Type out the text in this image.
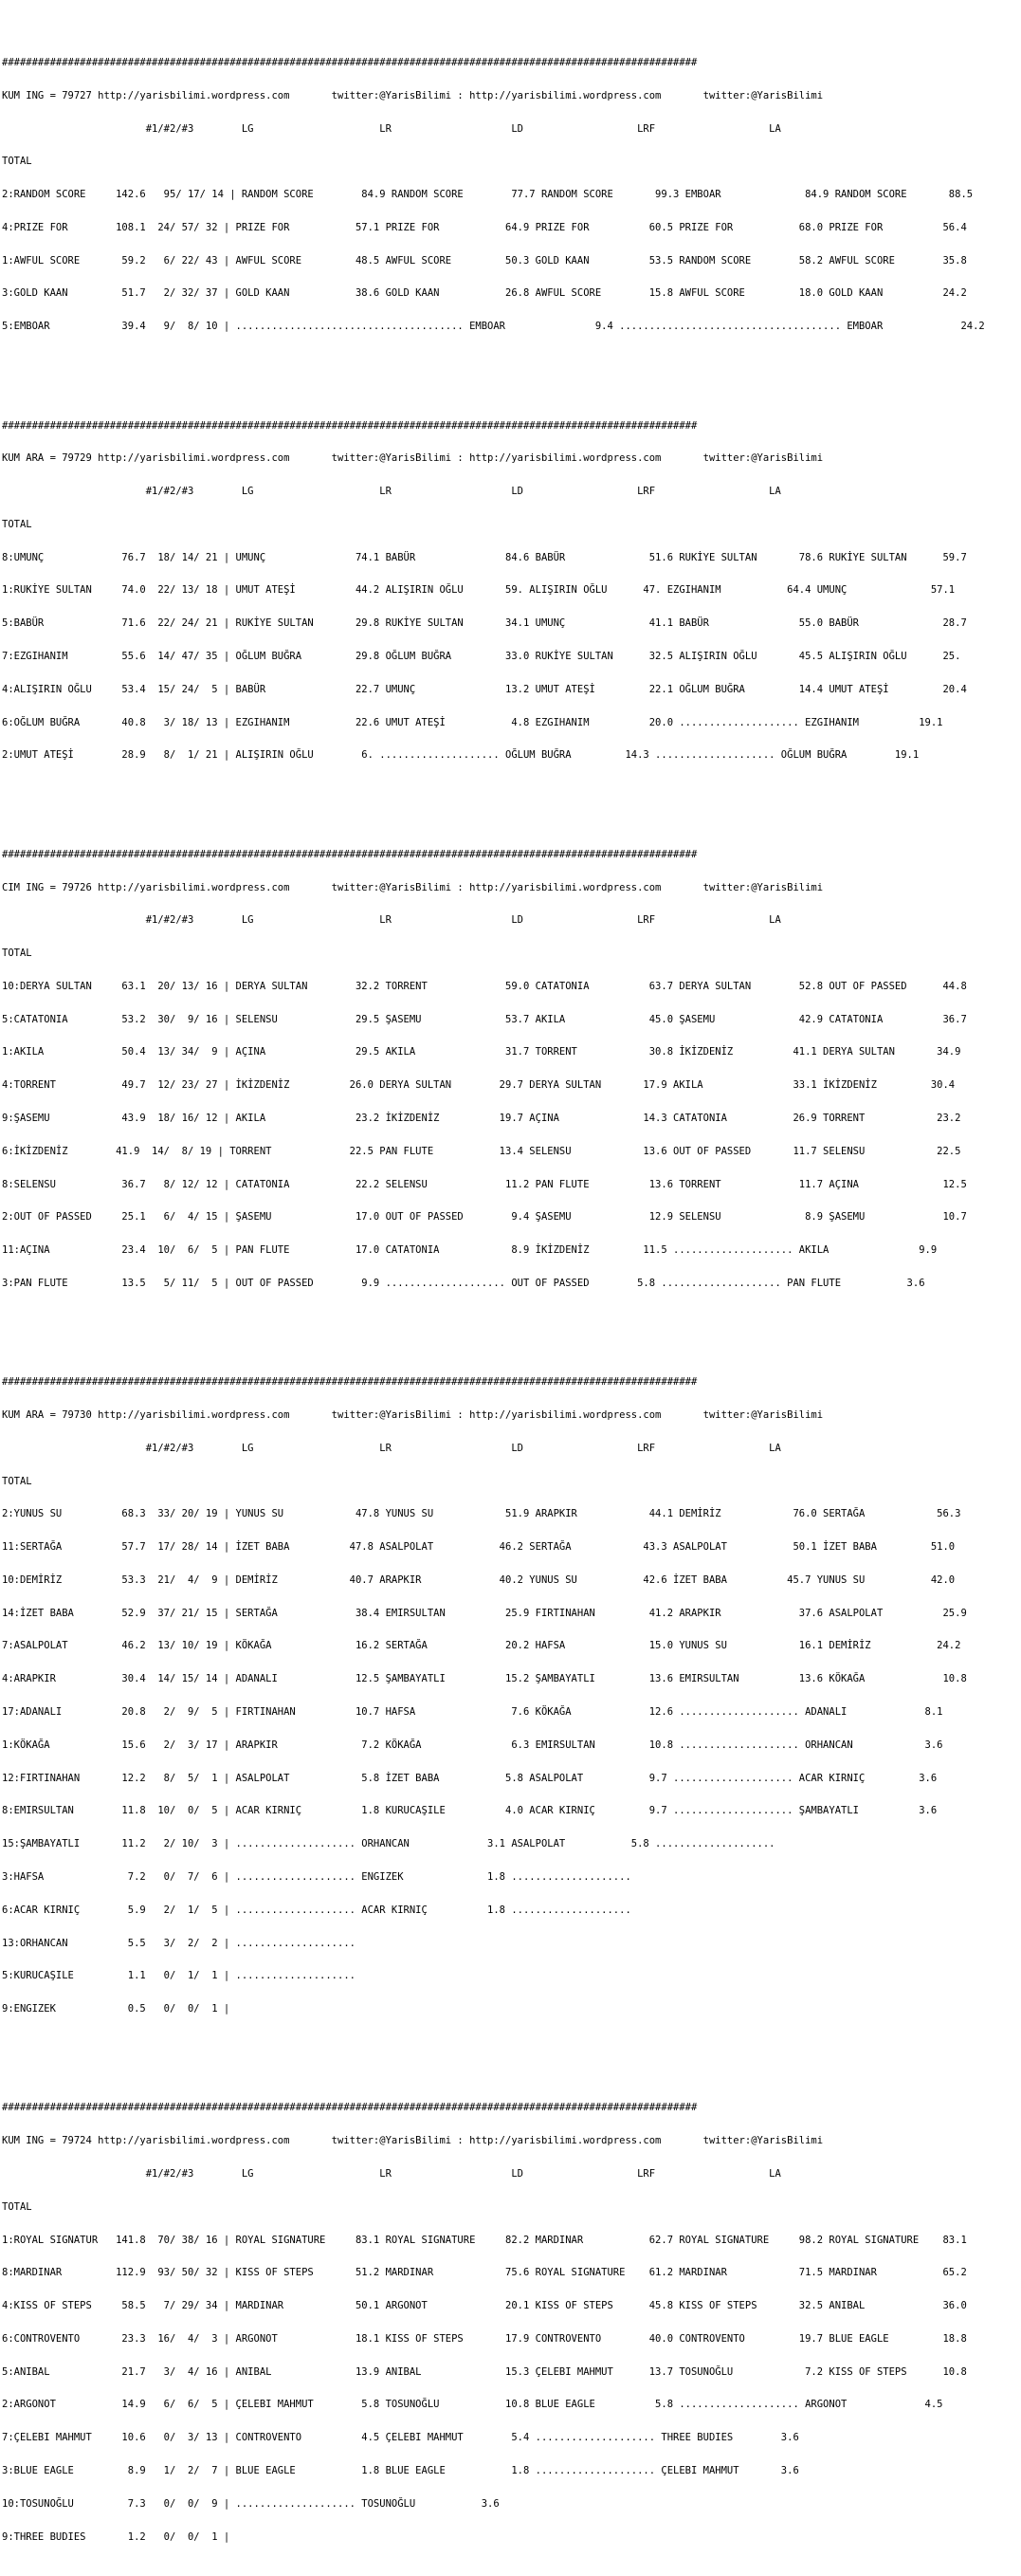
####################################################################################################################

KUM ING = 79727 http://yarisbilimi.wordpress.com       twitter:@YarisBilimi : http://yarisbilimi.wordpress.com       twitter:@YarisBilimi

#1/#2/#3        LG                     LR                    LD                   LRF                   LA

TOTAL

2:RANDOM SCORE     142.6   95/ 17/ 14 | RANDOM SCORE        84.9 RANDOM SCORE        77.7 RANDOM SCORE       99.3 EMBOAR              84.9 RANDOM SCORE       88.5

4:PRIZE FOR        108.1  24/ 57/ 32 | PRIZE FOR           57.1 PRIZE FOR           64.9 PRIZE FOR          60.5 PRIZE FOR           68.0 PRIZE FOR          56.4

1:AWFUL SCORE       59.2   6/ 22/ 43 | AWFUL SCORE         48.5 AWFUL SCORE         50.3 GOLD KAAN          53.5 RANDOM SCORE        58.2 AWFUL SCORE        35.8

3:GOLD KAAN         51.7   2/ 32/ 37 | GOLD KAAN           38.6 GOLD KAAN           26.8 AWFUL SCORE        15.8 AWFUL SCORE         18.0 GOLD KAAN          24.2

5:EMBOAR            39.4   9/  8/ 10 | ...................................... EMBOAR               9.4 ..................................... EMBOAR             24.2

####################################################################################################################

KUM ARA = 79729 http://yarisbilimi.wordpress.com       twitter:@YarisBilimi : http://yarisbilimi.wordpress.com       twitter:@YarisBilimi

#1/#2/#3        LG                     LR                    LD                   LRF                   LA

TOTAL

8:UMUNÇ             76.7  18/ 14/ 21 | UMUNÇ               74.1 BABÜR               84.6 BABÜR              51.6 RUKİYE SULTAN       78.6 RUKİYE SULTAN      59.7

1:RUKİYE SULTAN     74.0  22/ 13/ 18 | UMUT ATEŞİ          44.2 ALIŞIRIN OĞLU       59. ALIŞIRIN OĞLU      47. EZGIHANIM           64.4 UMUNÇ              57.1

5:BABÜR             71.6  22/ 24/ 21 | RUKİYE SULTAN       29.8 RUKİYE SULTAN       34.1 UMUNÇ              41.1 BABÜR               55.0 BABÜR              28.7

7:EZGIHANIM         55.6  14/ 47/ 35 | OĞLUM BUĞRA         29.8 OĞLUM BUĞRA         33.0 RUKİYE SULTAN      32.5 ALIŞIRIN OĞLU       45.5 ALIŞIRIN OĞLU      25.

4:ALIŞIRIN OĞLU     53.4  15/ 24/  5 | BABÜR               22.7 UMUNÇ               13.2 UMUT ATEŞİ         22.1 OĞLUM BUĞRA         14.4 UMUT ATEŞİ         20.4

6:OĞLUM BUĞRA       40.8   3/ 18/ 13 | EZGIHANIM           22.6 UMUT ATEŞİ           4.8 EZGIHANIM          20.0 .................... EZGIHANIM          19.1

2:UMUT ATEŞİ        28.9   8/  1/ 21 | ALIŞIRIN OĞLU        6. .................... OĞLUM BUĞRA         14.3 .................... OĞLUM BUĞRA        19.1

####################################################################################################################

CIM ING = 79726 http://yarisbilimi.wordpress.com       twitter:@YarisBilimi : http://yarisbilimi.wordpress.com       twitter:@YarisBilimi

#1/#2/#3        LG                     LR                    LD                   LRF                   LA

TOTAL

10:DERYA SULTAN     63.1  20/ 13/ 16 | DERYA SULTAN        32.2 TORRENT             59.0 CATATONIA          63.7 DERYA SULTAN        52.8 OUT OF PASSED      44.8

5:CATATONIA         53.2  30/  9/ 16 | SELENSU             29.5 ŞASEMU              53.7 AKILA              45.0 ŞASEMU              42.9 CATATONIA          36.7

1:AKILA             50.4  13/ 34/  9 | AÇINA               29.5 AKILA               31.7 TORRENT            30.8 İKİZDENİZ          41.1 DERYA SULTAN       34.9

4:TORRENT           49.7  12/ 23/ 27 | İKİZDENİZ          26.0 DERYA SULTAN        29.7 DERYA SULTAN       17.9 AKILA               33.1 İKİZDENİZ         30.4

9:ŞASEMU            43.9  18/ 16/ 12 | AKILA               23.2 İKİZDENİZ          19.7 AÇINA              14.3 CATATONIA           26.9 TORRENT            23.2

6:İKİZDENİZ        41.9  14/  8/ 19 | TORRENT             22.5 PAN FLUTE           13.4 SELENSU            13.6 OUT OF PASSED       11.7 SELENSU            22.5

8:SELENSU           36.7   8/ 12/ 12 | CATATONIA           22.2 SELENSU             11.2 PAN FLUTE          13.6 TORRENT             11.7 AÇINA              12.5

2:OUT OF PASSED     25.1   6/  4/ 15 | ŞASEMU              17.0 OUT OF PASSED        9.4 ŞASEMU             12.9 SELENSU              8.9 ŞASEMU             10.7

11:AÇINA            23.4  10/  6/  5 | PAN FLUTE           17.0 CATATONIA            8.9 İKİZDENİZ         11.5 .................... AKILA               9.9

3:PAN FLUTE         13.5   5/ 11/  5 | OUT OF PASSED        9.9 .................... OUT OF PASSED        5.8 .................... PAN FLUTE           3.6

####################################################################################################################

KUM ARA = 79730 http://yarisbilimi.wordpress.com       twitter:@YarisBilimi : http://yarisbilimi.wordpress.com       twitter:@YarisBilimi

#1/#2/#3        LG                     LR                    LD                   LRF                   LA

TOTAL

2:YUNUS SU          68.3  33/ 20/ 19 | YUNUS SU            47.8 YUNUS SU            51.9 ARAPKIR            44.1 DEMİRİZ            76.0 SERTAĞA            56.3

11:SERTAĞA          57.7  17/ 28/ 14 | İZET BABA          47.8 ASALPOLAT           46.2 SERTAĞA            43.3 ASALPOLAT           50.1 İZET BABA         51.0

10:DEMİRİZ          53.3  21/  4/  9 | DEMİRİZ            40.7 ARAPKIR             40.2 YUNUS SU           42.6 İZET BABA          45.7 YUNUS SU           42.0

14:İZET BABA        52.9  37/ 21/ 15 | SERTAĞA             38.4 EMIRSULTAN          25.9 FIRTINAHAN         41.2 ARAPKIR             37.6 ASALPOLAT          25.9

7:ASALPOLAT         46.2  13/ 10/ 19 | KÖKAĞA              16.2 SERTAĞA             20.2 HAFSA              15.0 YUNUS SU            16.1 DEMİRİZ           24.2

4:ARAPKIR           30.4  14/ 15/ 14 | ADANALI             12.5 ŞAMBAYATLI          15.2 ŞAMBAYATLI         13.6 EMIRSULTAN          13.6 KÖKAĞA             10.8

17:ADANALI          20.8   2/  9/  5 | FIRTINAHAN          10.7 HAFSA                7.6 KÖKAĞA             12.6 .................... ADANALI             8.1

1:KÖKAĞA            15.6   2/  3/ 17 | ARAPKIR              7.2 KÖKAĞA               6.3 EMIRSULTAN         10.8 .................... ORHANCAN            3.6

12:FIRTINAHAN       12.2   8/  5/  1 | ASALPOLAT            5.8 İZET BABA           5.8 ASALPOLAT           9.7 .................... ACAR KIRNIÇ         3.6

8:EMIRSULTAN        11.8  10/  0/  5 | ACAR KIRNIÇ          1.8 KURUCAŞILE          4.0 ACAR KIRNIÇ         9.7 .................... ŞAMBAYATLI          3.6

15:ŞAMBAYATLI       11.2   2/ 10/  3 | .................... ORHANCAN             3.1 ASALPOLAT           5.8 ....................

3:HAFSA              7.2   0/  7/  6 | .................... ENGIZEK              1.8 ....................

6:ACAR KIRNIÇ        5.9   2/  1/  5 | .................... ACAR KIRNIÇ          1.8 ....................

13:ORHANCAN          5.5   3/  2/  2 | ....................

5:KURUCAŞILE         1.1   0/  1/  1 | ....................

9:ENGIZEK            0.5   0/  0/  1 |

####################################################################################################################

KUM ING = 79724 http://yarisbilimi.wordpress.com       twitter:@YarisBilimi : http://yarisbilimi.wordpress.com       twitter:@YarisBilimi

#1/#2/#3        LG                     LR                    LD                   LRF                   LA

TOTAL

1:ROYAL SIGNATUR   141.8  70/ 38/ 16 | ROYAL SIGNATURE     83.1 ROYAL SIGNATURE     82.2 MARDINAR           62.7 ROYAL SIGNATURE     98.2 ROYAL SIGNATURE    83.1

8:MARDINAR         112.9  93/ 50/ 32 | KISS OF STEPS       51.2 MARDINAR            75.6 ROYAL SIGNATURE    61.2 MARDINAR            71.5 MARDINAR           65.2

4:KISS OF STEPS     58.5   7/ 29/ 34 | MARDINAR            50.1 ARGONOT             20.1 KISS OF STEPS      45.8 KISS OF STEPS       32.5 ANIBAL             36.0

6:CONTROVENTO       23.3  16/  4/  3 | ARGONOT             18.1 KISS OF STEPS       17.9 CONTROVENTO        40.0 CONTROVENTO         19.7 BLUE EAGLE         18.8

5:ANIBAL            21.7   3/  4/ 16 | ANIBAL              13.9 ANIBAL              15.3 ÇELEBI MAHMUT      13.7 TOSUNOĞLU            7.2 KISS OF STEPS      10.8

2:ARGONOT           14.9   6/  6/  5 | ÇELEBI MAHMUT        5.8 TOSUNOĞLU           10.8 BLUE EAGLE          5.8 .................... ARGONOT             4.5

7:ÇELEBI MAHMUT     10.6   0/  3/ 13 | CONTROVENTO          4.5 ÇELEBI MAHMUT        5.4 .................... THREE BUDIES        3.6

3:BLUE EAGLE         8.9   1/  2/  7 | BLUE EAGLE           1.8 BLUE EAGLE           1.8 .................... ÇELEBI MAHMUT       3.6

10:TOSUNOĞLU         7.3   0/  0/  9 | .................... TOSUNOĞLU           3.6

9:THREE BUDIES       1.2   0/  0/  1 |
